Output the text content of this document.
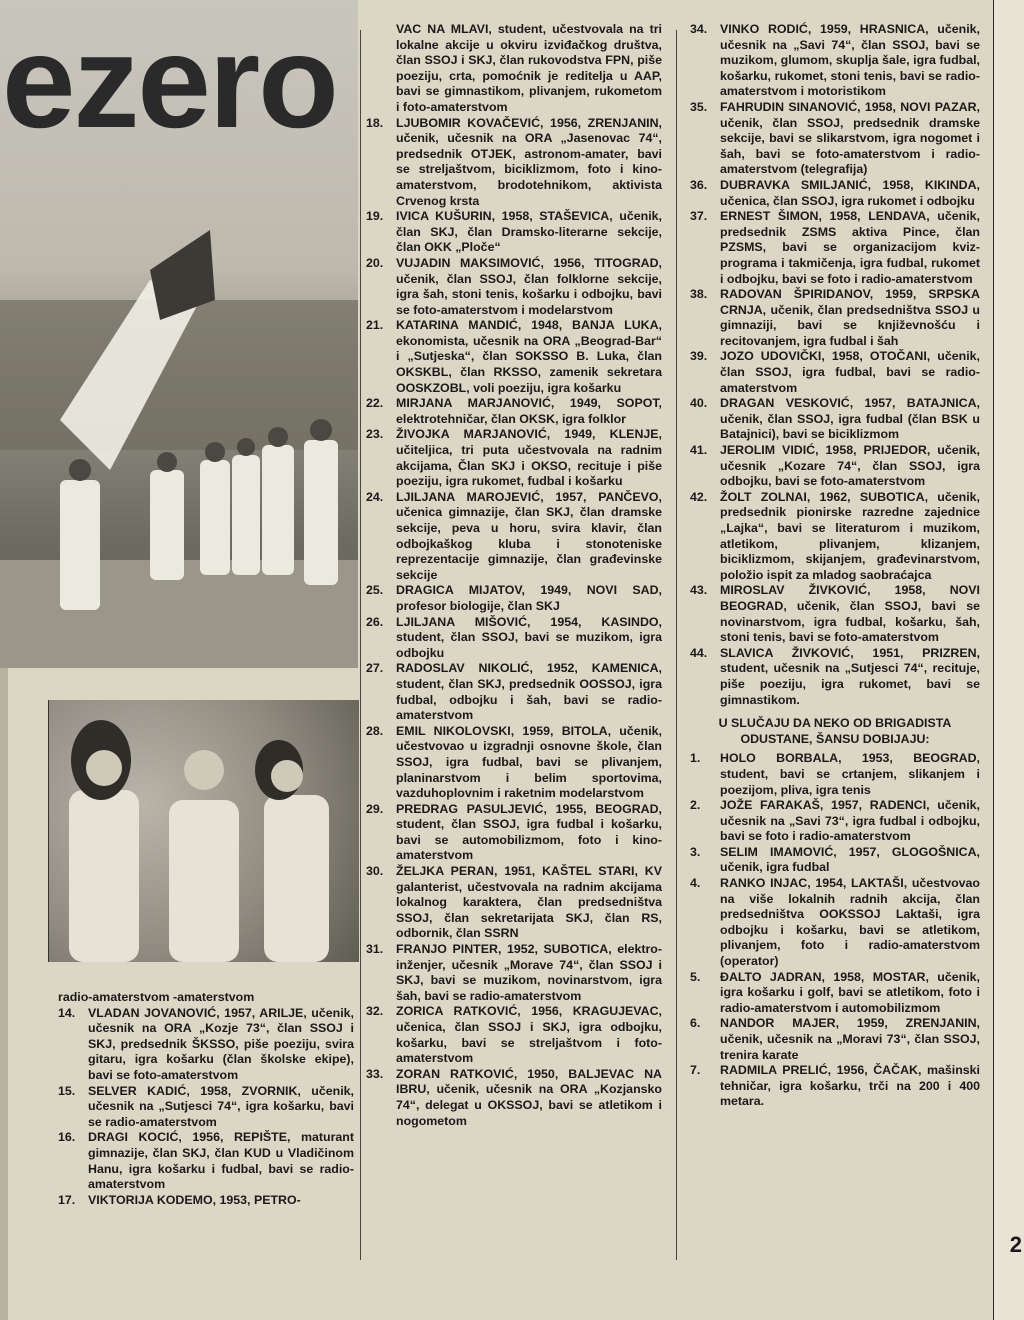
ezero
radio-amaterstvom -amaterstvom
14.	VLADAN JOVANOVIĆ, 1957, ARILJE, učenik, učesnik na ORA „Kozje 73“, član SSOJ i SKJ, predsednik ŠKSSO, piše poeziju, svira gitaru, igra košarku (član školske ekipe), bavi se foto-amaterstvom
15.	SELVER KADIĆ, 1958, ZVORNIK, učenik, učesnik na „Sutjesci 74“, igra košarku, bavi se radio-amaterstvom
16.	DRAGI KOCIĆ, 1956, REPIŠTE, maturant gimnazije, član SKJ, član KUD u Vladičinom Hanu, igra košarku i fudbal, bavi se radio-amaterstvom
17.	VIKTORIJA KODEMO, 1953, PETRO-
VAC NA MLAVI, student, učestvovala na tri lokalne akcije u okviru izviđačkog društva, član SSOJ i SKJ, član rukovodstva FPN, piše poeziju, crta, pomoćnik je reditelja u AAP, bavi se gimnastikom, plivanjem, rukometom i foto-amaterstvom
18.	LJUBOMIR KOVAČEVIĆ, 1956, ZRENJANIN, učenik, učesnik na ORA „Jasenovac 74“, predsednik OTJEK, astronom-amater, bavi se streljaštvom, biciklizmom, foto i kino-amaterstvom, brodotehnikom, aktivista Crvenog krsta
19.	IVICA KUŠURIN, 1958, STAŠEVICA, učenik, član SKJ, član Dramsko-literarne sekcije, član OKK „Ploče“
20.	VUJADIN MAKSIMOVIĆ, 1956, TITOGRAD, učenik, član SSOJ, član folklorne sekcije, igra šah, stoni tenis, košarku i odbojku, bavi se foto-amaterstvom i modelarstvom
21.	KATARINA MANDIĆ, 1948, BANJA LUKA, ekonomista, učesnik na ORA „Beograd-Bar“ i „Sutjeska“, član SOKSSO B. Luka, član OKSKBL, član RKSSO, zamenik sekretara OOSKZOBL, voli poeziju, igra košarku
22.	MIRJANA MARJANOVIĆ, 1949, SOPOT, elektrotehničar, član OKSK, igra folklor
23.	ŽIVOJKA MARJANOVIĆ, 1949, KLENJE, učiteljica, tri puta učestvovala na radnim akcijama, Član SKJ i OKSO, recituje i piše poeziju, igra rukomet, fudbal i košarku
24.	LJILJANA MAROJEVIĆ, 1957, PANČEVO, učenica gimnazije, član SKJ, član dramske sekcije, peva u horu, svira klavir, član odbojkaškog kluba i stonoteniske reprezentacije gimnazije, član građevinske sekcije
25.	DRAGICA MIJATOV, 1949, NOVI SAD, profesor biologije, član SKJ
26.	LJILJANA MIŠOVIĆ, 1954, KASINDO, student, član SSOJ, bavi se muzikom, igra odbojku
27.	RADOSLAV NIKOLIĆ, 1952, KAMENICA, student, član SKJ, predsednik OOSSOJ, igra fudbal, odbojku i šah, bavi se radio-amaterstvom
28.	EMIL NIKOLOVSKI, 1959, BITOLA, učenik, učestvovao u izgradnji osnovne škole, član SSOJ, igra fudbal, bavi se plivanjem, planinarstvom i belim sportovima, vazduhoplovnim i raketnim modelarstvom
29.	PREDRAG PASULJEVIĆ, 1955, BEOGRAD, student, član SSOJ, igra fudbal i košarku, bavi se automobilizmom, foto i kino-amaterstvom
30.	ŽELJKA PERAN, 1951, KAŠTEL STARI, KV galanterist, učestvovala na radnim akcijama lokalnog karaktera, član predsedništva SSOJ, član sekretarijata SKJ, član RS, odbornik, član SSRN
31.	FRANJO PINTER, 1952, SUBOTICA, elektro-inženjer, učesnik „Morave 74“, član SSOJ i SKJ, bavi se muzikom, novinarstvom, igra šah, bavi se radio-amaterstvom
32.	ZORICA RATKOVIĆ, 1956, KRAGUJEVAC, učenica, član SSOJ i SKJ, igra odbojku, košarku, bavi se streljaštvom i foto-amaterstvom
33.	ZORAN RATKOVIĆ, 1950, BALJEVAC NA IBRU, učenik, učesnik na ORA „Kozjansko 74“, delegat u OKSSOJ, bavi se atletikom i nogometom
34.	VINKO RODIĆ, 1959, HRASNICA, učenik, učesnik na „Savi 74“, član SSOJ, bavi se muzikom, glumom, skuplja šale, igra fudbal, košarku, rukomet, stoni tenis, bavi se radio-amaterstvom i motoristikom
35.	FAHRUDIN SINANOVIĆ, 1958, NOVI PAZAR, učenik, član SSOJ, predsednik dramske sekcije, bavi se slikarstvom, igra nogomet i šah, bavi se foto-amaterstvom i radio-amaterstvom (telegrafija)
36.	DUBRAVKA SMILJANIĆ, 1958, KIKINDA, učenica, član SSOJ, igra rukomet i odbojku
37.	ERNEST ŠIMON, 1958, LENDAVA, učenik, predsednik ZSMS aktiva Pince, član PZSMS, bavi se organizacijom kviz-programa i takmičenja, igra fudbal, rukomet i odbojku, bavi se foto i radio-amaterstvom
38.	RADOVAN ŠPIRIDANOV, 1959, SRPSKA CRNJA, učenik, član predsedništva SSOJ u gimnaziji, bavi se književnošću i recitovanjem, igra fudbal i šah
39.	JOZO UDOVIČKI, 1958, OTOČANI, učenik, član SSOJ, igra fudbal, bavi se radio-amaterstvom
40.	DRAGAN VESKOVIĆ, 1957, BATAJNICA, učenik, član SSOJ, igra fudbal (član BSK u Batajnici), bavi se biciklizmom
41.	JEROLIM VIDIĆ, 1958, PRIJEDOR, učenik, učesnik „Kozare 74“, član SSOJ, igra odbojku, bavi se foto-amaterstvom
42.	ŽOLT ZOLNAI, 1962, SUBOTICA, učenik, predsednik pionirske razredne zajednice „Lajka“, bavi se literaturom i muzikom, atletikom, plivanjem, klizanjem, biciklizmom, skijanjem, građevinarstvom, položio ispit za mladog saobraćajca
43.	MIROSLAV ŽIVKOVIĆ, 1958, NOVI BEOGRAD, učenik, član SSOJ, bavi se novinarstvom, igra fudbal, košarku, šah, stoni tenis, bavi se foto-amaterstvom
44.	SLAVICA ŽIVKOVIĆ, 1951, PRIZREN, student, učesnik na „Sutjesci 74“, recituje, piše poeziju, igra rukomet, bavi se gimnastikom.
U SLUČAJU DA NEKO OD BRIGADISTA ODUSTANE, ŠANSU DOBIJAJU:
1.	HOLO BORBALA, 1953, BEOGRAD, student, bavi se crtanjem, slikanjem i poezijom, pliva, igra tenis
2.	JOŽE FARAKAŠ, 1957, RADENCI, učenik, učesnik na „Savi 73“, igra fudbal i odbojku, bavi se foto i radio-amaterstvom
3.	SELIM IMAMOVIĆ, 1957, GLOGOŠNICA, učenik, igra fudbal
4.	RANKO INJAC, 1954, LAKTAŠI, učestvovao na više lokalnih radnih akcija, član predsedništva OOKSSOJ Laktaši, igra odbojku i košarku, bavi se atletikom, plivanjem, foto i radio-amaterstvom (operator)
5.	ĐALTO JADRAN, 1958, MOSTAR, učenik, igra košarku i golf, bavi se atletikom, foto i radio-amaterstvom i automobilizmom
6.	NANDOR MAJER, 1959, ZRENJANIN, učenik, učesnik na „Moravi 73“, član SSOJ, trenira karate
7.	RADMILA PRELIĆ, 1956, ČAČAK, mašinski tehničar, igra košarku, trči na 200 i 400 metara.
2
